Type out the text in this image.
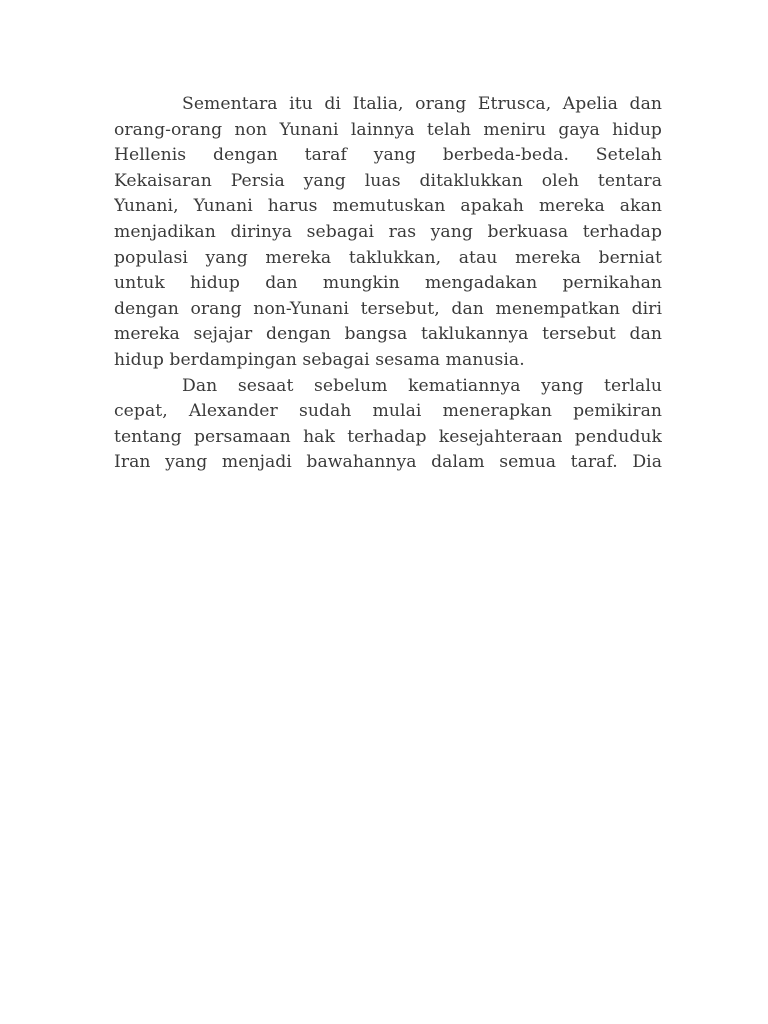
Sementara itu di Italia, orang Etrusca, Apelia dan
orang-orang non Yunani lainnya telah meniru gaya hidup
Hellenis dengan taraf yang berbeda-beda. Setelah
Kekaisaran Persia yang luas ditaklukkan oleh tentara
Yunani, Yunani harus memutuskan apakah mereka akan
menjadikan dirinya sebagai ras yang berkuasa terhadap
populasi yang mereka taklukkan, atau mereka berniat
untuk hidup dan mungkin mengadakan pernikahan
dengan orang non-Yunani tersebut, dan menempatkan diri
mereka sejajar dengan bangsa taklukannya tersebut dan
hidup berdampingan sebagai sesama manusia.
Dan sesaat sebelum kematiannya yang terlalu
cepat, Alexander sudah mulai menerapkan pemikiran
tentang persamaan hak terhadap kesejahteraan penduduk
Iran yang menjadi bawahannya dalam semua taraf. Dia
